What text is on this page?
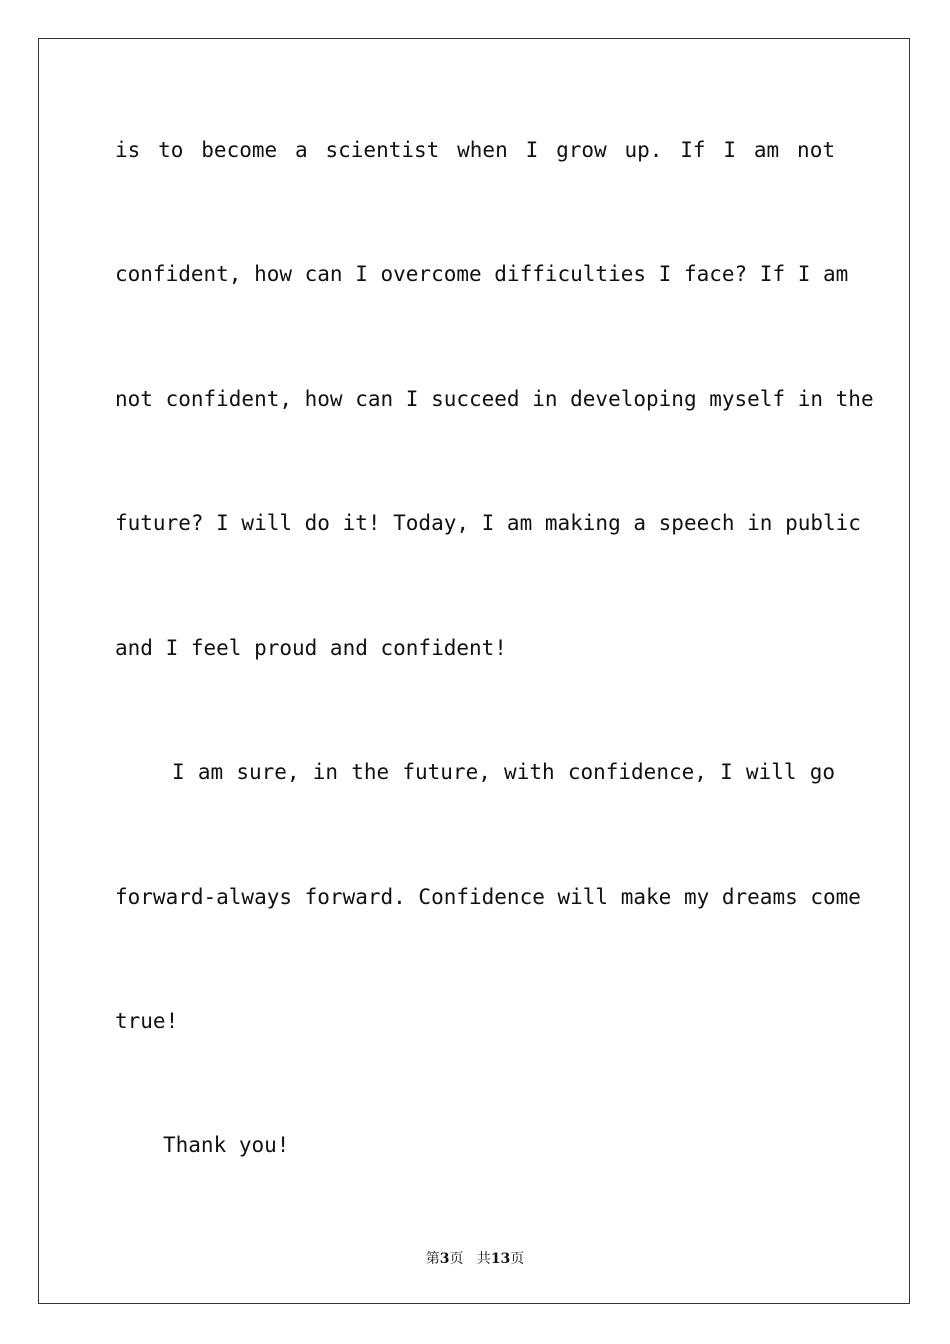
is to become a scientist when I grow up. If I am not
confident, how can I overcome difficulties I face? If I am
not confident, how can I succeed in developing myself in the
future? I will do it! Today, I am making a speech in public
and I feel proud and confident!
I am sure, in the future, with confidence, I will go
forward-always forward. Confidence will make my dreams come
true!
Thank you!
第3页   共13页
